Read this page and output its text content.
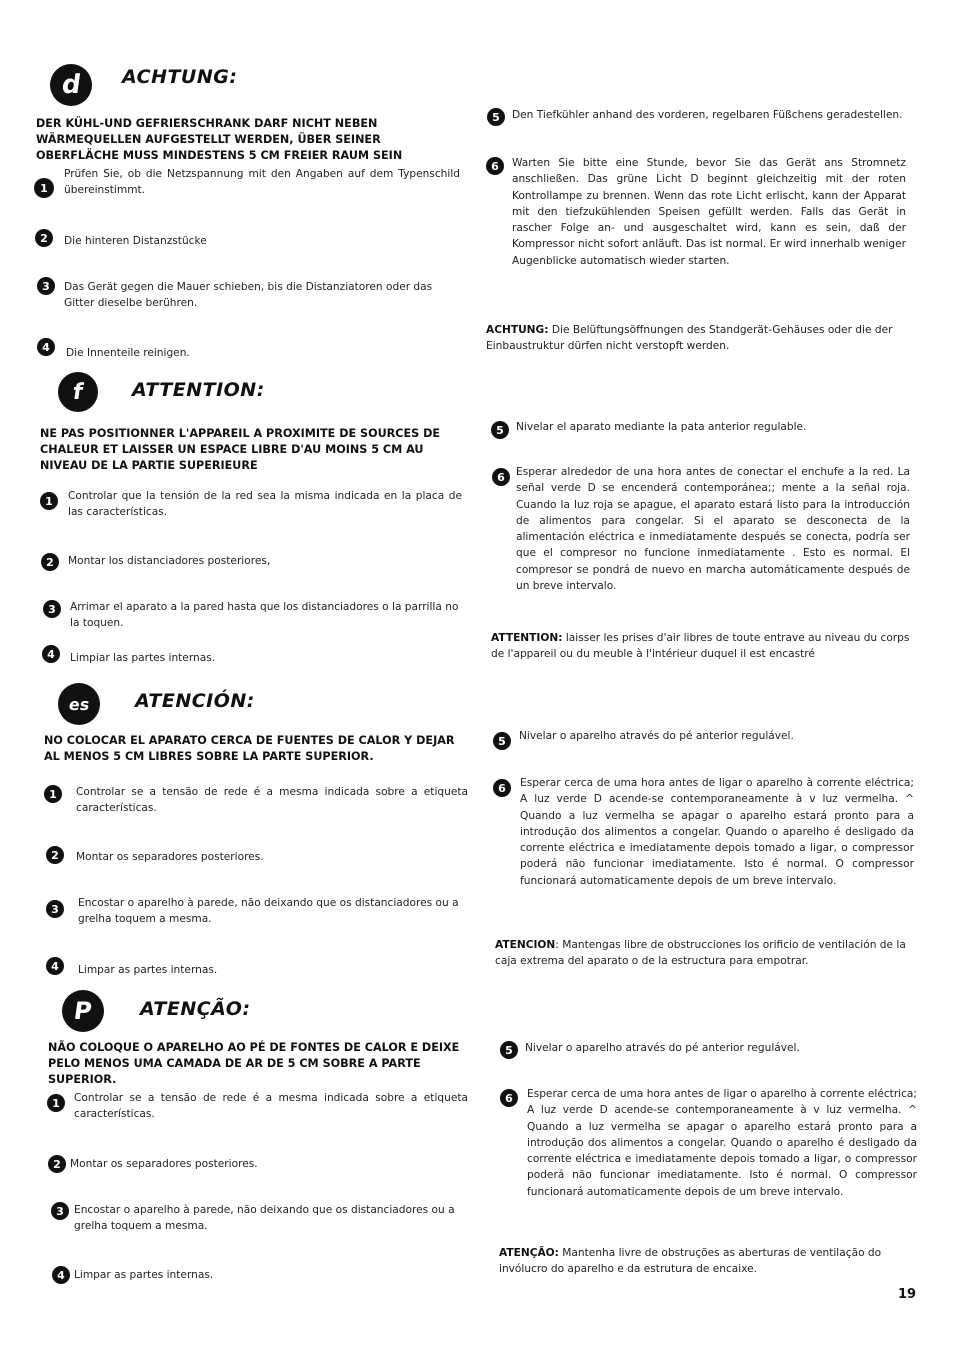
d ACHTUNG:
DER KÜHL-UND GEFRIERSCHRANK DARF NICHT NEBEN WÄRMEQUELLEN AUFGESTELLT WERDEN, ÜBER SEINER OBERFLÄCHE MUSS MINDESTENS 5 CM FREIER RAUM SEIN
1
Prüfen Sie, ob die Netzspannung mit den Angaben auf dem Typenschild übereinstimmt.
2 Die hinteren Distanzstücke
3 Das Gerät gegen die Mauer schieben, bis die Distanziatoren oder das Gitter dieselbe berühren.
4 Die Innenteile reinigen.
5 Den Tiefkühler anhand des vorderen, regelbaren Füßchens geradestellen.
6 Warten Sie bitte eine Stunde, bevor Sie das Gerät ans Stromnetz anschließen. Das grüne Licht D beginnt gleichzeitig mit der roten Kontrollampe zu brennen. Wenn das rote Licht erlischt, kann der Apparat mit den tiefzukühlenden Speisen gefüllt werden. Falls das Gerät in rascher Folge an- und ausgeschaltet wird, kann es sein, daß der Kompressor nicht sofort anläuft. Das ist normal. Er wird innerhalb weniger Augenblicke automatisch wieder starten.
ACHTUNG: Die Belüftungsöffnungen des Standgerät-Gehäuses oder die der Einbaustruktur dürfen nicht verstopft werden.
f ATTENTION:
NE PAS POSITIONNER L'APPAREIL A PROXIMITE DE SOURCES DE CHALEUR ET LAISSER UN ESPACE LIBRE D'AU MOINS 5 CM AU NIVEAU DE LA PARTIE SUPERIEURE
1 Controlar que la tensión de la red sea la misma indicada en la placa de las características.
2 Montar los distanciadores posteriores,
3 Arrimar el aparato a la pared hasta que los distanciadores o la parrilla no la toquen.
4 Limpiar las partes internas.
5 Nivelar el aparato mediante la pata anterior regulable.
6 Esperar alrededor de una hora antes de conectar el enchufe a la red. La señal verde D se encenderá contemporánea;; mente a la señal roja. Cuando la luz roja se apague, el aparato estará listo para la introducción de alimentos para congelar. Si el aparato se desconecta de la alimentación eléctrica e inmediatamente después se conecta, podría ser que el compresor no funcione inmediatamente . Esto es normal. El compresor se pondrá de nuevo en marcha automáticamente después de un breve intervalo.
ATTENTION: laisser les prises d'air libres de toute entrave au niveau du corps de l'appareil ou du meuble à l'intérieur duquel il est encastré
es ATENCIÓN:
NO COLOCAR EL APARATO CERCA DE FUENTES DE CALOR Y DEJAR AL MENOS 5 CM LIBRES SOBRE LA PARTE SUPERIOR.
1 Controlar se a tensão de rede é a mesma indicada sobre a etiqueta características.
2 Montar os separadores posteriores.
3 Encostar o aparelho à parede, não deixando que os distanciadores ou a grelha toquem a mesma.
4 Limpar as partes internas.
5 Nivelar o aparelho através do pé anterior regulável.
6 Esperar cerca de uma hora antes de ligar o aparelho à corrente eléctrica; A luz verde D acende-se contemporaneamente à v luz vermelha. ^ Quando a luz vermelha se apagar o aparelho estará pronto para a introdução dos alimentos a congelar. Quando o aparelho é desligado da corrente eléctrica e imediatamente depois tomado a ligar, o compressor poderá não funcionar imediatamente. Isto é normal. O compressor funcionará automaticamente depois de um breve intervalo.
ATENCION: Mantengas libre de obstrucciones los orificio de ventilación de la caja extrema del aparato o de la estructura para empotrar.
P ATENÇÃO:
NÃO COLOQUE O APARELHO AO PÉ DE FONTES DE CALOR E DEIXE PELO MENOS UMA CAMADA DE AR DE 5 CM SOBRE A PARTE SUPERIOR.
1 Controlar se a tensão de rede é a mesma indicada sobre a etiqueta características.
2 Montar os separadores posteriores.
3 Encostar o aparelho à parede, não deixando que os distanciadores ou a grelha toquem a mesma.
4 Limpar as partes internas.
5 Nivelar o aparelho através do pé anterior regulável.
6 Esperar cerca de uma hora antes de ligar o aparelho à corrente eléctrica; A luz verde D acende-se contemporaneamente à v luz vermelha. ^ Quando a luz vermelha se apagar o aparelho estará pronto para a introdução dos alimentos a congelar. Quando o aparelho é desligado da corrente eléctrica e imediatamente depois tomado a ligar, o compressor poderá não funcionar imediatamente. Isto é normal. O compressor funcionará automaticamente depois de um breve intervalo.
ATENÇÃO: Mantenha livre de obstruções as aberturas de ventilação do invólucro do aparelho e da estrutura de encaixe.
19
